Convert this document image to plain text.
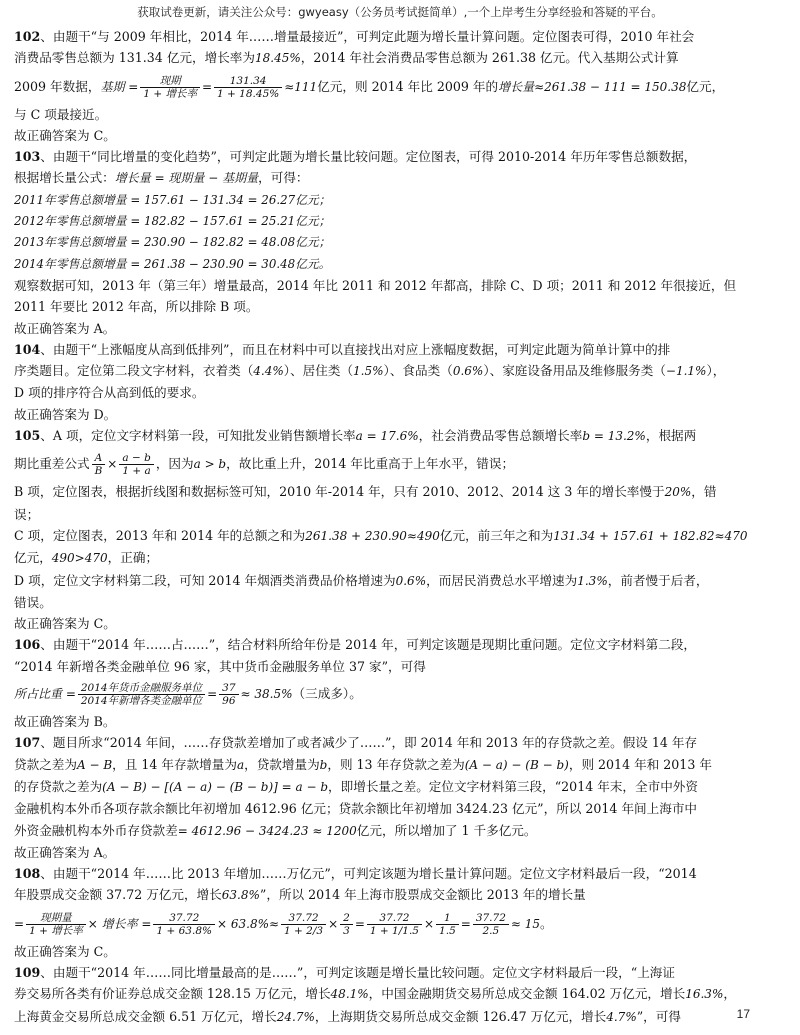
获取试卷更新，请关注公众号：gwyeasy（公务员考试挺简单）,一个上岸考生分享经验和答疑的平台。

102、由题干“与 2009 年相比，2014 年……增量最接近”，可判定此题为增长量计算问题。定位图表可得，2010 年社会

消费品零售总额为 131.34 亿元，增长率为18.45%，2014 年社会消费品零售总额为 261.38 亿元。代入基期公式计算

2009 年数据，基期 = $\frac{\text{现期}}{\text{1 + 增长率}} = \frac{131.34}{1 + 18.45\%} \approx 111$亿元，则 2014 年比 2009 年的增长量≈261.38 − 111 = 150.38亿元，

与 C 项最接近。

故正确答案为 C。

103、由题干“同比增量的变化趋势”，可判定此题为增长量比较问题。定位图表，可得 2010-2014 年历年零售总额数据，

根据增长量公式：增长量 = 现期量 − 基期量，可得：

2011年零售总额增量 = 157.61 − 131.34 = 26.27亿元；

2012年零售总额增量 = 182.82 − 157.61 = 25.21亿元；

2013年零售总额增量 = 230.90 − 182.82 = 48.08亿元；

2014年零售总额增量 = 261.38 − 230.90 = 30.48亿元。

观察数据可知，2013 年（第三年）增量最高，2014 年比 2011 和 2012 年都高，排除 C、D 项；2011 和 2012 年很接近，但

2011 年要比 2012 年高，所以排除 B 项。

故正确答案为 A。

104、由题干“上涨幅度从高到低排列”，而且在材料中可以直接找出对应上涨幅度数据，可判定此题为简单计算中的排

序类题目。定位第二段文字材料，衣着类（4.4%）、居住类（1.5%）、食品类（0.6%）、家庭设备用品及维修服务类（−1.1%），

D 项的排序符合从高到低的要求。

故正确答案为 D。

105、A 项，定位文字材料第一段，可知批发业销售额增长率a = 17.6%，社会消费品零售总额增长率b = 13.2%，根据两

期比重差公式 $\frac{A}{B} \times \frac{a - b}{1 + a}$ ，因为a > b，故比重上升，2014 年比重高于上年水平，错误；

B 项，定位图表，根据折线图和数据标签可知，2010 年-2014 年，只有 2010、2012、2014 这 3 年的增长率慢于20%，错

误；

C 项，定位图表，2013 年和 2014 年的总额之和为261.38 + 230.90≈490亿元，前三年之和为131.34 + 157.61 + 182.82≈470

亿元，490>470，正确；

D 项，定位文字材料第二段，可知 2014 年烟酒类消费品价格增速为0.6%，而居民消费总水平增速为1.3%，前者慢于后者，

错误。

故正确答案为 C。

106、由题干“2014 年……占……”，结合材料所给年份是 2014 年，可判定该题是现期比重问题。定位文字材料第二段，

“2014 年新增各类金融单位 96 家，其中货币金融服务单位 37 家”，可得

所占比重 = $\frac{\text{2014年货币金融服务单位}}{\text{2014年新增各类金融单位}} = \frac{37}{96} \approx 38.5\%$（三成多）。

故正确答案为 B。

107、题目所求“2014 年间，……存贷款差增加了或者减少了……”，即 2014 年和 2013 年的存贷款之差。假设 14 年存

贷款之差为A − B，且 14 年存款增量为a，贷款增量为b，则 13 年存贷款之差为(A − a) − (B − b)，则 2014 年和 2013 年

的存贷款之差为(A − B) − [(A − a) − (B − b)] = a − b，即增长量之差。定位文字材料第三段，“2014 年末，全市中外资

金融机构本外币各项存款余额比年初增加 4612.96 亿元；贷款余额比年初增加 3424.23 亿元”，所以 2014 年间上海市中

外资金融机构本外币存贷款差= 4612.96 − 3424.23 ≈ 1200亿元，所以增加了 1 千多亿元。

故正确答案为 A。

108、由题干“2014 年……比 2013 年增加……万亿元”，可判定该题为增长量计算问题。定位文字材料最后一段，“2014

年股票成交金额 37.72 万亿元，增长63.8%”，所以 2014 年上海市股票成交金额比 2013 年的增长量

= $\frac{\text{现期量}}{\text{1 + 增长率}}$ × 增长率 = $\frac{37.72}{1 + 63.8\%} \times 63.8\%\approx \frac{37.72}{1 + 2/3} \times \frac{2}{3} = \frac{37.72}{1 + 1/1.5} \times \frac{1}{1.5} = \frac{37.72}{2.5} \approx 15$。

故正确答案为 C。

109、由题干“2014 年……同比增量最高的是……”，可判定该题是增长量比较问题。定位文字材料最后一段，“上海证

券交易所各类有价证券总成交金额 128.15 万亿元，增长48.1%，中国金融期货交易所总成交金额 164.02 万亿元，增长16.3%，

上海黄金交易所总成交金额 6.51 万亿元，增长24.7%，上海期货交易所总成交金额 126.47 万亿元，增长4.7%”，可得	17
